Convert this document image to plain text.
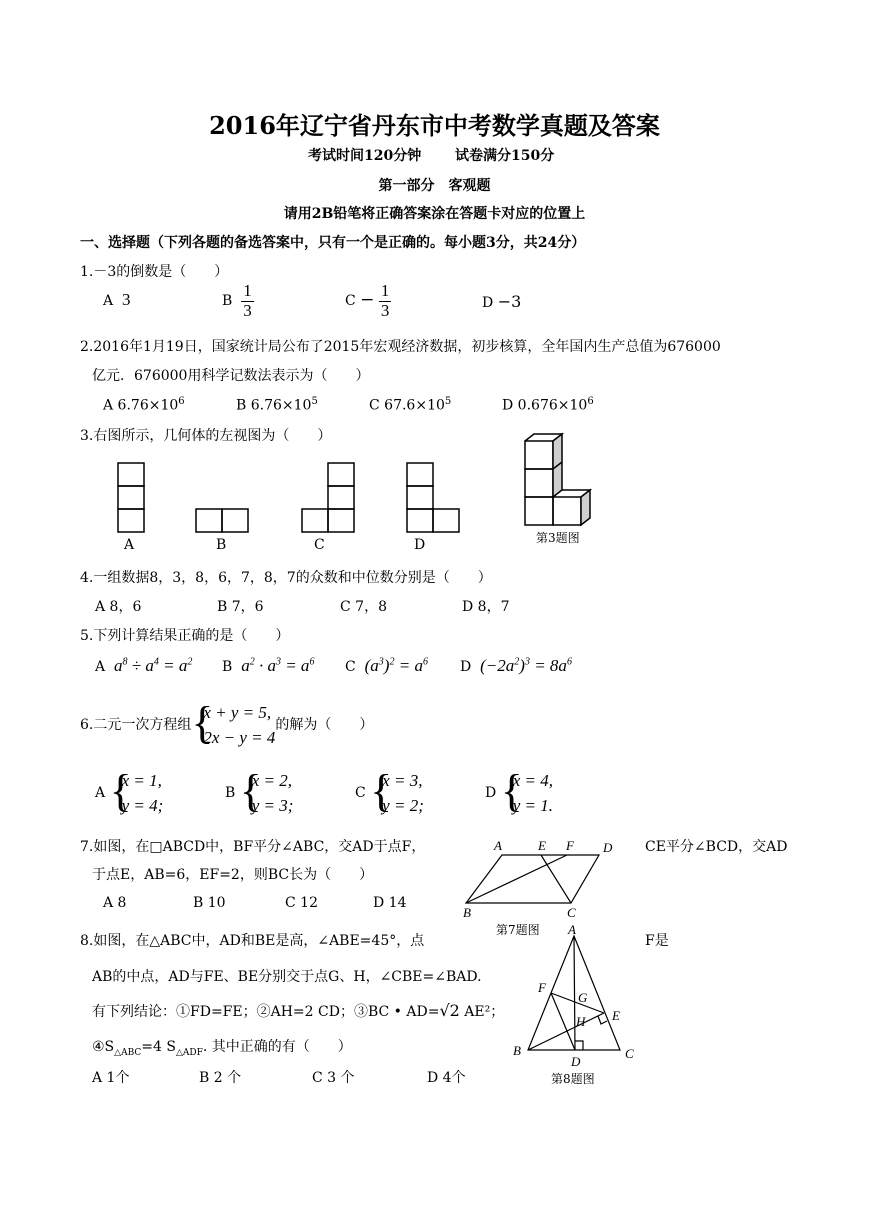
2016年辽宁省丹东市中考数学真题及答案
考试时间120分钟 试卷满分150分
第一部分　客观题
请用2B铅笔将正确答案涂在答题卡对应的位置上
一、选择题（下列各题的备选答案中，只有一个是正确的。每小题3分，共24分）
1.－3的倒数是（　　）
A 3	B $\frac{1}{3}$	$C - \frac{1}{3}$	D −3
2.2016年1月19日，国家统计局公布了2015年宏观经济数据，初步核算，全年国内生产总值为676000
亿元．676000用科学记数法表示为（　　）
A $6.76\times 10^6$	B $6.76\times 10^5$	C $67.6\times 10^5$	D $0.676\times 10^6$
3.右图所示，几何体的左视图为（　　）
A	B	C	D	第3题图
4.一组数据8，3，8，6，7，8，7的众数和中位数分别是（　　）
A 8，6	B 7，6	C 7，8	D 8，7
5.下列计算结果正确的是（　　）
A $a^8 \div a^4 = a^2$ B $a^2 \cdot a^3 = a^6$ C $(a^3)^2 = a^6$ D $(-2a^2)^3 = 8a^6$
6.二元一次方程组 {
x + y = 5,
2x − y = 4
的解为（　　）
A {
x = 1,
y = 4;
B {
x = 2,
y = 3;
C {
x = 3,
y = 2;
D {
x = 4,
y = 1.
7.如图，在□ABCD中，BF平分∠ABC，交AD于点F，	CE平分∠BCD，交AD
于点E，AB=6，EF=2，则BC长为（　　）
A 8	B 10	C 12	D 14
A	E F D
B	C
第7题图
8.如图，在△ABC中，AD和BE是高，∠ABE=45°，点	F是
AB的中点，AD与FE、BE分别交于点G、H，∠CBE=∠BAD.
有下列结论：①FD=FE；②AH=2 CD；③BC • AD=√2 AE²；
$④S_{\triangle ABC}=4$ $S_{\triangle ADF}$. 其中正确的有（　　）
A 1个	B 2 个	C 3 个	D 4个
A
F
G
E
H
B
D
C
第8题图
